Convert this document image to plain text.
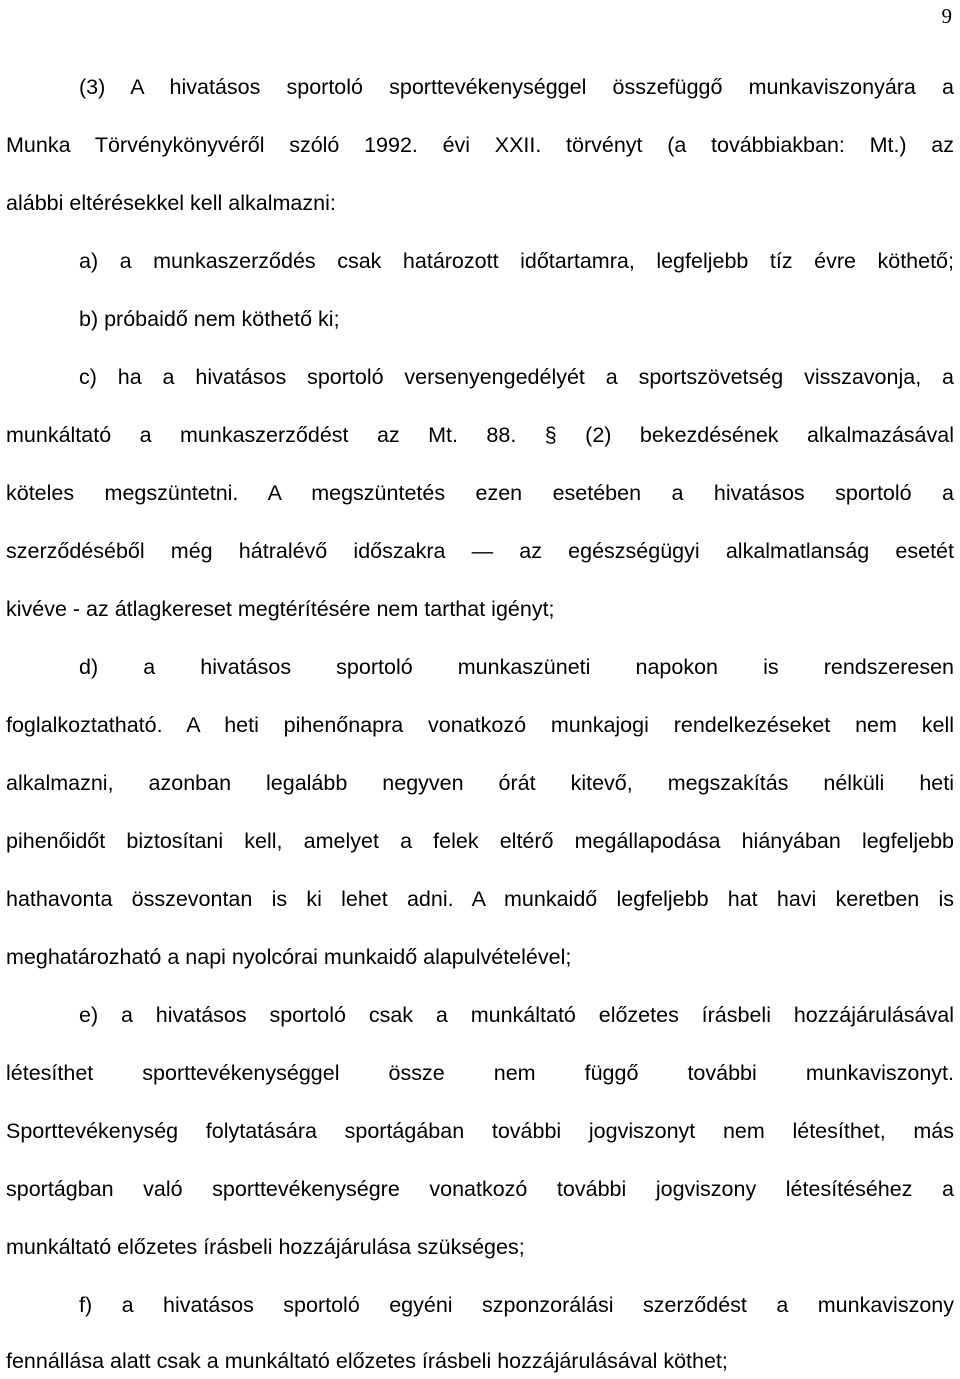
9
(3) A hivatásos sportoló sporttevékenységgel összefüggő munkaviszonyára a
Munka Törvénykönyvéről szóló 1992. évi XXII. törvényt (a továbbiakban: Mt.) az
alábbi eltérésekkel kell alkalmazni:
a) a munkaszerződés csak határozott időtartamra, legfeljebb tíz évre köthető;
b) próbaidő nem köthető ki;
c) ha a hivatásos sportoló versenyengedélyét a sportszövetség visszavonja, a
munkáltató a munkaszerződést az Mt. 88. § (2) bekezdésének alkalmazásával
köteles megszüntetni. A megszüntetés ezen esetében a hivatásos sportoló a
szerződéséből még hátralévő időszakra — az egészségügyi alkalmatlanság esetét
kivéve - az átlagkereset megtérítésére nem tarthat igényt;
d) a hivatásos sportoló munkaszüneti napokon is rendszeresen
foglalkoztatható. A heti pihenőnapra vonatkozó munkajogi rendelkezéseket nem kell
alkalmazni, azonban legalább negyven órát kitevő, megszakítás nélküli heti
pihenőidőt biztosítani kell, amelyet a felek eltérő megállapodása hiányában legfeljebb
hathavonta összevontan is ki lehet adni. A munkaidő legfeljebb hat havi keretben is
meghatározható a napi nyolcórai munkaidő alapulvételével;
e) a hivatásos sportoló csak a munkáltató előzetes írásbeli hozzájárulásával
létesíthet sporttevékenységgel össze nem függő további munkaviszonyt.
Sporttevékenység folytatására sportágában további jogviszonyt nem létesíthet, más
sportágban való sporttevékenységre vonatkozó további jogviszony létesítéséhez a
munkáltató előzetes írásbeli hozzájárulása szükséges;
f) a hivatásos sportoló egyéni szponzorálási szerződést a munkaviszony
fennállása alatt csak a munkáltató előzetes írásbeli hozzájárulásával köthet;
